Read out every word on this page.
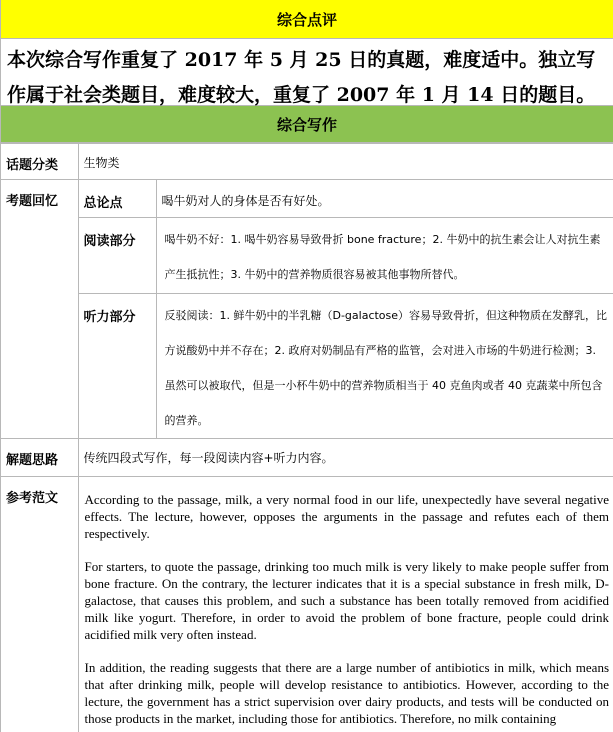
综合点评
本次综合写作重复了 2017 年 5 月 25 日的真题，难度适中。独立写作属于社会类题目，难度较大，重复了 2007 年 1 月 14 日的题目。
综合写作
话题分类	生物类	
考题回忆	总论点	喝牛奶对人的身体是否有好处。
	阅读部分	喝牛奶不好：1. 喝牛奶容易导致骨折 bone fracture；2. 牛奶中的抗生素会让人对抗生素产生抵抗性；3. 牛奶中的营养物质很容易被其他事物所替代。
	听力部分	反驳阅读：1. 鲜牛奶中的半乳糖（D-galactose）容易导致骨折，但这种物质在发酵乳，比方说酸奶中并不存在；2. 政府对奶制品有严格的监管，会对进入市场的牛奶进行检测；3. 虽然可以被取代，但是一小杯牛奶中的营养物质相当于 40 克鱼肉或者 40 克蔬菜中所包含的营养。
解题思路	传统四段式写作，每一段阅读内容+听力内容。	
参考范文	According to the passage, milk, a very normal food in our life, unexpectedly have several negative effects. The lecture, however, opposes the arguments in the passage and refutes each of them respectively.

For starters, to quote the passage, drinking too much milk is very likely to make people suffer from bone fracture. On the contrary, the lecturer indicates that it is a special substance in fresh milk, D-galactose, that causes this problem, and such a substance has been totally removed from acidified milk like yogurt. Therefore, in order to avoid the problem of bone fracture, people could drink acidified milk very often instead.

In addition, the reading suggests that there are a large number of antibiotics in milk, which means that after drinking milk, people will develop resistance to antibiotics. However, according to the lecture, the government has a strict supervision over dairy products, and tests will be conducted on those products in the market, including those for antibiotics. Therefore, no milk containing	
